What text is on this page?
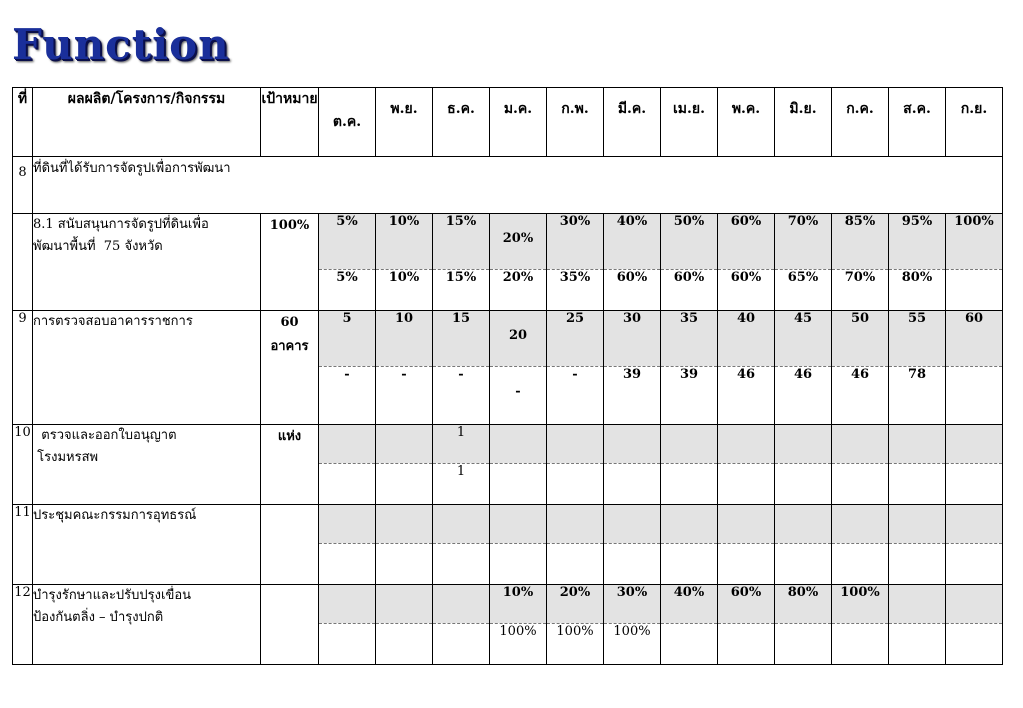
Function
ที่	ผลผลิต/โครงการ/กิจกรรม	เป้าหมาย	ต.ค.	พ.ย.	ธ.ค.	ม.ค.	ก.พ.	มี.ค.	เม.ย.	พ.ค.	มิ.ย.	ก.ค.	ส.ค.	ก.ย.
8	ที่ดินที่ได้รับการจัดรูปเพื่อการพัฒนา													

	8.1 สนับสนุนการจัดรูปที่ดินเพื่อ
พัฒนาพื้นที่  75 จังหวัด	100%	5%	10%	15%	20%	30%	40%	50%	60%	70%	85%	95%	100%
			5%	10%	15%	20%	35%	60%	60%	60%	65%	70%	80%	
9	การตรวจสอบอาคารราชการ	60
อาคาร	5	10	15	20	25	30	35	40	45	50	55	60
			-	-	-	-	-	39	39	46	46	46	78	
10	ตรวจและออกใบอนุญาต
โรงมหรสพ	แห่ง			1									
					1									
11	ประชุมคณะกรรมการอุทธรณ์													

12	บำรุงรักษาและปรับปรุงเขื่อน
ป้องกันตลิ่ง – บำรุงปกติ					10%	20%	30%	40%	60%	80%	100%		
						100%	100%	100%						
